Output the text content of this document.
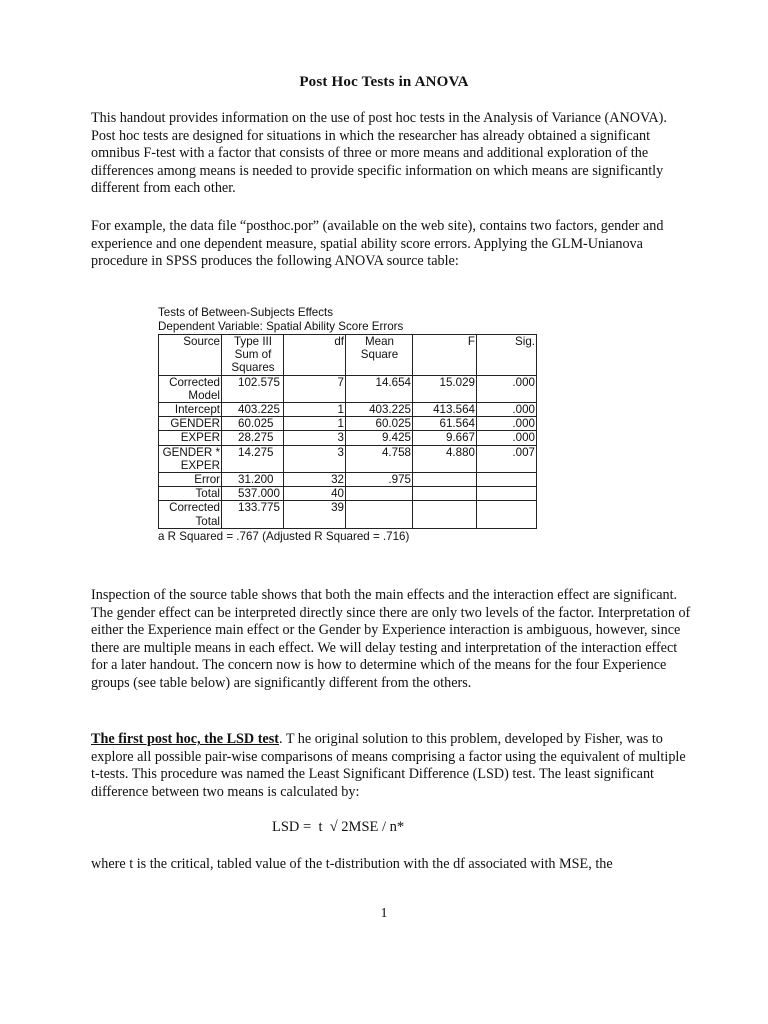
Post Hoc Tests in ANOVA

This handout provides information on the use of post hoc tests in the Analysis of Variance (ANOVA). Post hoc tests are designed for situations in which the researcher has already obtained a significant omnibus F-test with a factor that consists of three or more means and additional exploration of the differences among means is needed to provide specific information on which means are significantly different from each other.

For example, the data file “posthoc.por” (available on the web site), contains two factors, gender and experience and one dependent measure, spatial ability score errors. Applying the GLM-Unianova procedure in SPSS produces the following ANOVA source table:

Tests of Between-Subjects Effects
Dependent Variable: Spatial Ability Score Errors
Source	Type III Sum of Squares	df	Mean Square	F	Sig.
Corrected Model	102.575	7	14.654	15.029	.000
Intercept	403.225	1	403.225	413.564	.000
GENDER	60.025	1	60.025	61.564	.000
EXPER	28.275	3	9.425	9.667	.000
GENDER * EXPER	14.275	3	4.758	4.880	.007
Error	31.200	32	.975		
Total	537.000	40			
Corrected Total	133.775	39			
a R Squared = .767 (Adjusted R Squared = .716)

Inspection of the source table shows that both the main effects and the interaction effect are significant. The gender effect can be interpreted directly since there are only two levels of the factor. Interpretation of either the Experience main effect or the Gender by Experience interaction is ambiguous, however, since there are multiple means in each effect. We will delay testing and interpretation of the interaction effect for a later handout. The concern now is how to determine which of the means for the four Experience groups (see table below) are significantly different from the others.

The first post hoc, the LSD test. T he original solution to this problem, developed by Fisher, was to explore all possible pair-wise comparisons of means comprising a factor using the equivalent of multiple t-tests. This procedure was named the Least Significant Difference (LSD) test. The least significant difference between two means is calculated by:

LSD =  t  √ 2MSE / n*

where t is the critical, tabled value of the t-distribution with the df associated with MSE, the

1
